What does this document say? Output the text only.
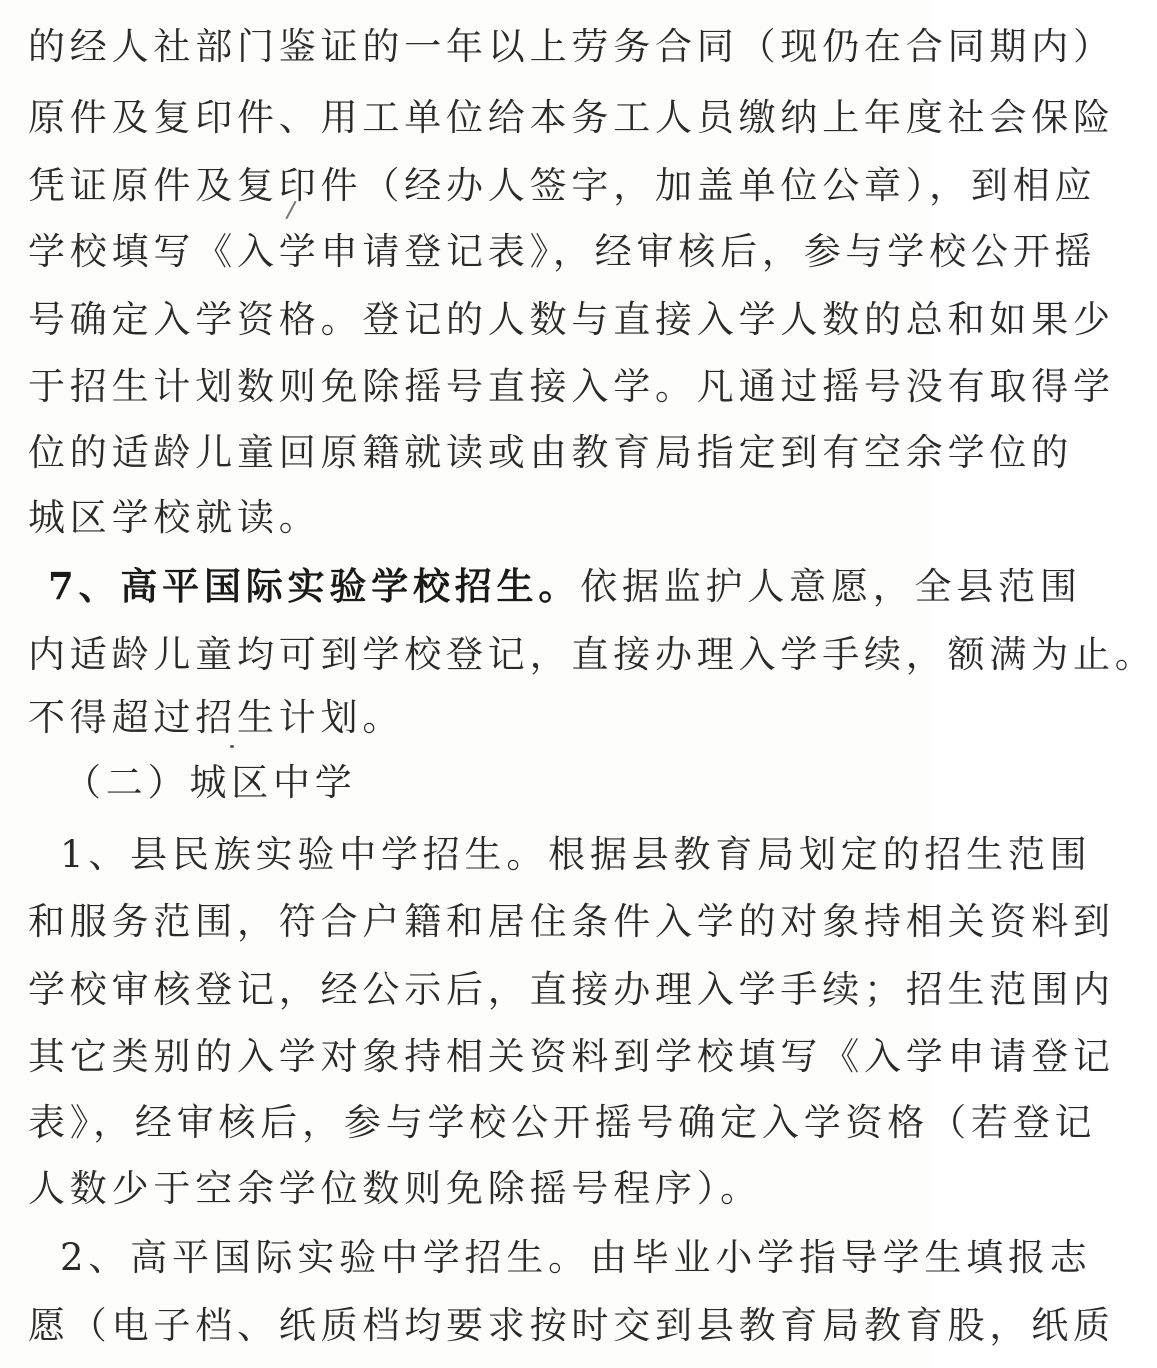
的经人社部门鉴证的一年以上劳务合同（现仍在合同期内）
原件及复印件、用工单位给本务工人员缴纳上年度社会保险
凭证原件及复印件（经办人签字，加盖单位公章），到相应
学校填写《入学申请登记表》，经审核后，参与学校公开摇
号确定入学资格。登记的人数与直接入学人数的总和如果少
于招生计划数则免除摇号直接入学。凡通过摇号没有取得学
位的适龄儿童回原籍就读或由教育局指定到有空余学位的
城区学校就读。
7、高平国际实验学校招生。依据监护人意愿，全县范围
内适龄儿童均可到学校登记，直接办理入学手续，额满为止。
不得超过招生计划。
（二）城区中学
1、县民族实验中学招生。根据县教育局划定的招生范围
和服务范围，符合户籍和居住条件入学的对象持相关资料到
学校审核登记，经公示后，直接办理入学手续；招生范围内
其它类别的入学对象持相关资料到学校填写《入学申请登记
表》，经审核后，参与学校公开摇号确定入学资格（若登记
人数少于空余学位数则免除摇号程序）。
2、高平国际实验中学招生。由毕业小学指导学生填报志
愿（电子档、纸质档均要求按时交到县教育局教育股，纸质
